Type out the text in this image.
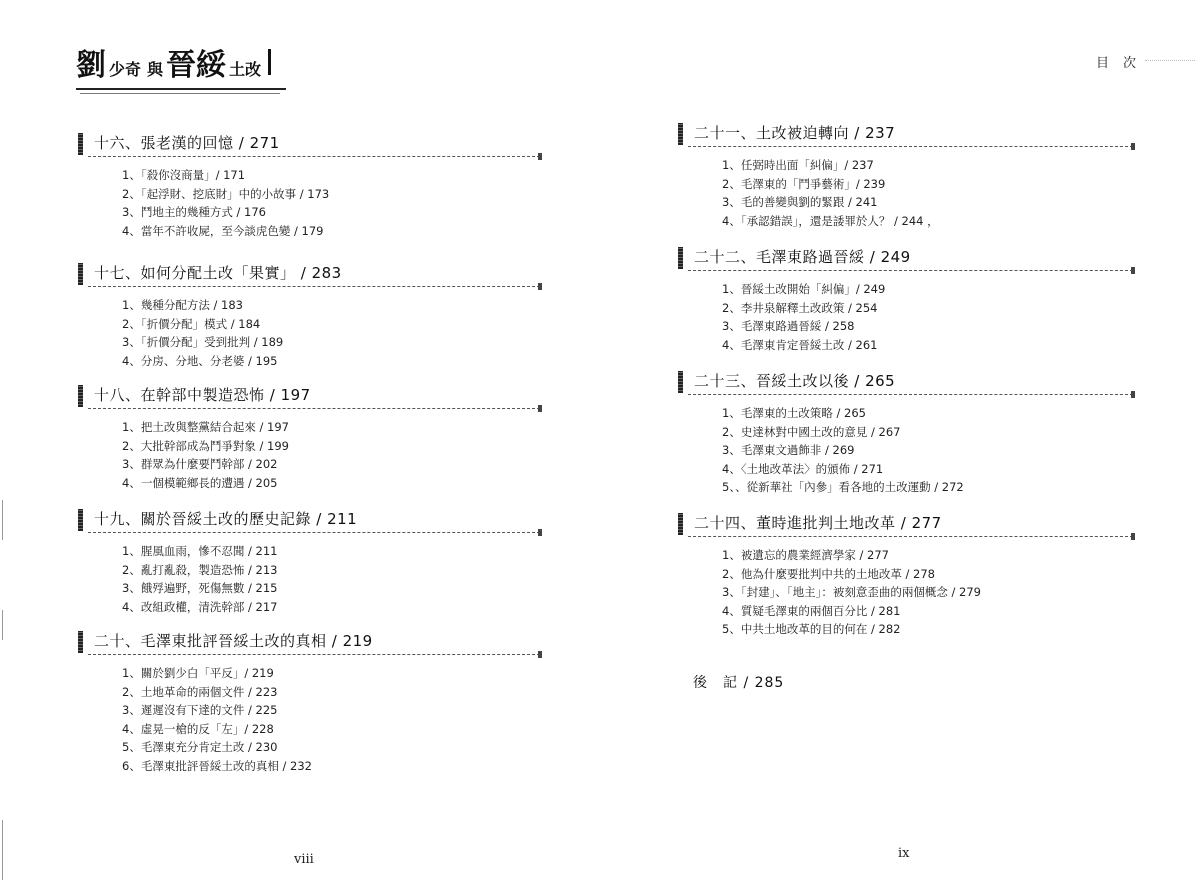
劉 少奇 與 晉綏 土改
十六、張老漢的回憶 / 271
1、「殺你沒商量」/ 171
2、「起浮財、挖底財」中的小故事 / 173
3、鬥地主的幾種方式 / 176
4、當年不許收屍，至今談虎色變 / 179
十七、如何分配土改「果實」 / 283
1、幾種分配方法 / 183
2、「折價分配」模式 / 184
3、「折價分配」受到批判 / 189
4、分房、分地、分老婆 / 195
十八、在幹部中製造恐怖 / 197
1、把土改與整黨結合起來 / 197
2、大批幹部成為鬥爭對象 / 199
3、群眾為什麼要鬥幹部 / 202
4、一個模範鄉長的遭遇 / 205
十九、關於晉綏土改的歷史記錄 / 211
1、腥風血雨，慘不忍聞 / 211
2、亂打亂殺，製造恐怖 / 213
3、餓殍遍野，死傷無數 / 215
4、改組政權，清洗幹部 / 217
二十、毛澤東批評晉綏土改的真相 / 219
1、關於劉少白「平反」/ 219
2、土地革命的兩個文件 / 223
3、遲遲沒有下達的文件 / 225
4、虛晃一槍的反「左」/ 228
5、毛澤東充分肯定土改 / 230
6、毛澤東批評晉綏土改的真相 / 232
viii
目次
二十一、土改被迫轉向 / 237
1、任弼時出面「糾偏」/ 237
2、毛澤東的「鬥爭藝術」/ 239
3、毛的善變與劉的緊跟 / 241
4、「承認錯誤」，還是諉罪於人？ / 244 ，
二十二、毛澤東路過晉綏 / 249
1、晉綏土改開始「糾偏」/ 249
2、李井泉解釋土改政策 / 254
3、毛澤東路過晉綏 / 258
4、毛澤東肯定晉綏土改 / 261
二十三、晉綏土改以後 / 265
1、毛澤東的土改策略 / 265
2、史達林對中國土改的意見 / 267
3、毛澤東文過飾非 / 269
4、〈土地改革法〉的頒佈 / 271
5、、從新華社「內參」看各地的土改運動 / 272
二十四、董時進批判土地改革 / 277
1、被遺忘的農業經濟學家 / 277
2、他為什麼要批判中共的土地改革 / 278
3、「封建」、「地主」：被刻意歪曲的兩個概念 / 279
4、質疑毛澤東的兩個百分比 / 281
5、中共土地改革的目的何在 / 282
後　記 / 285
ix
